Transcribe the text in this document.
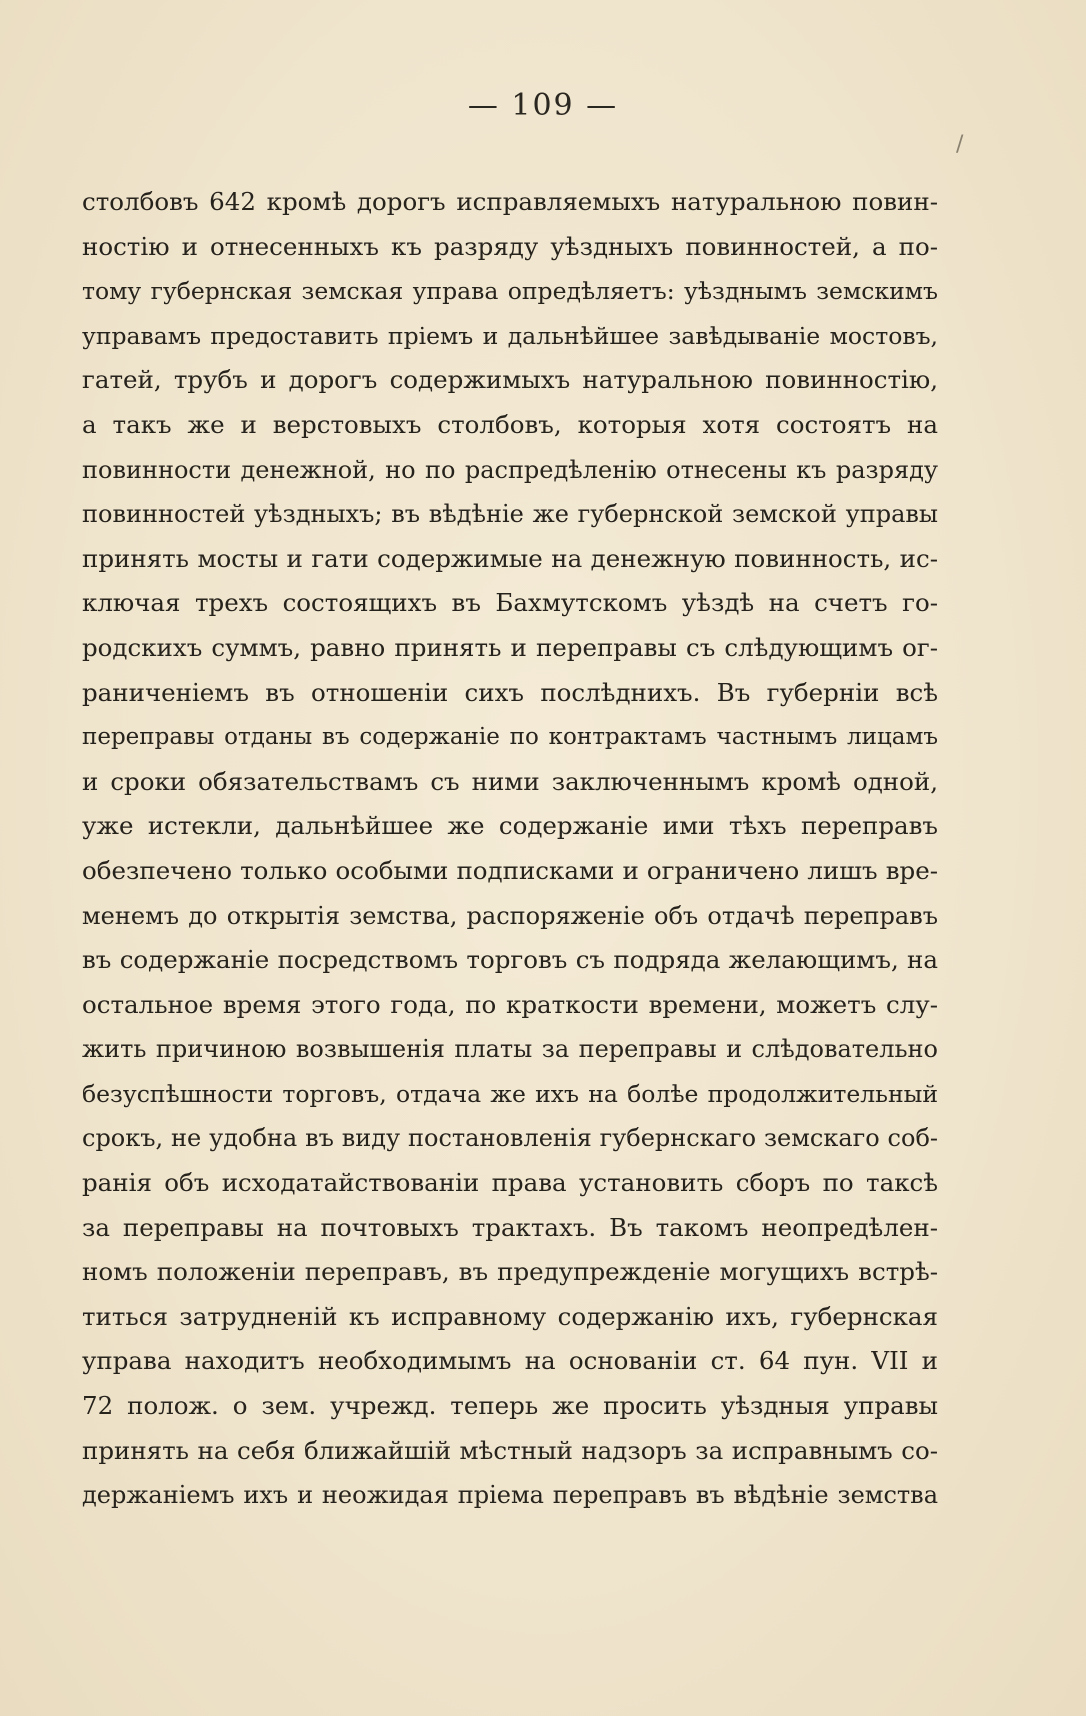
— 109 —
/
столбовъ 642 кромѣ дорогъ исправляемыхъ натуральною повин-
ностію и отнесенныхъ къ разряду уѣздныхъ повинностей, а по-
тому губернская земская управа опредѣляетъ: уѣзднымъ земскимъ
управамъ предоставить пріемъ и дальнѣйшее завѣдываніе мостовъ,
гатей, трубъ и дорогъ содержимыхъ натуральною повинностію,
а такъ же и верстовыхъ столбовъ, которыя хотя состоятъ на
повинности денежной, но по распредѣленію отнесены къ разряду
повинностей уѣздныхъ; въ вѣдѣніе же губернской земской управы
принять мосты и гати содержимые на денежную повинность, ис-
ключая трехъ состоящихъ въ Бахмутскомъ уѣздѣ на счетъ го-
родскихъ суммъ, равно принять и переправы съ слѣдующимъ ог-
раниченіемъ въ отношеніи сихъ послѣднихъ. Въ губерніи всѣ
переправы отданы въ содержаніе по контрактамъ частнымъ лицамъ
и сроки обязательствамъ съ ними заключеннымъ кромѣ одной,
уже истекли, дальнѣйшее же содержаніе ими тѣхъ переправъ
обезпечено только особыми подписками и ограничено лишъ вре-
менемъ до открытія земства, распоряженіе объ отдачѣ переправъ
въ содержаніе посредствомъ торговъ съ подряда желающимъ, на
остальное время этого года, по краткости времени, можетъ слу-
жить причиною возвышенія платы за переправы и слѣдовательно
безуспѣшности торговъ, отдача же ихъ на болѣе продолжительный
срокъ, не удобна въ виду постановленія губернскаго земскаго соб-
ранія объ исходатайствованіи права установить сборъ по таксѣ
за переправы на почтовыхъ трактахъ. Въ такомъ неопредѣлен-
номъ положеніи переправъ, въ предупрежденіе могущихъ встрѣ-
титься затрудненій къ исправному содержанію ихъ, губернская
управа находитъ необходимымъ на основаніи ст. 64 пун. VII и
72 полож. о зем. учрежд. теперь же просить уѣздныя управы
принять на себя ближайшій мѣстный надзоръ за исправнымъ со-
держаніемъ ихъ и неожидая пріема переправъ въ вѣдѣніе земства
